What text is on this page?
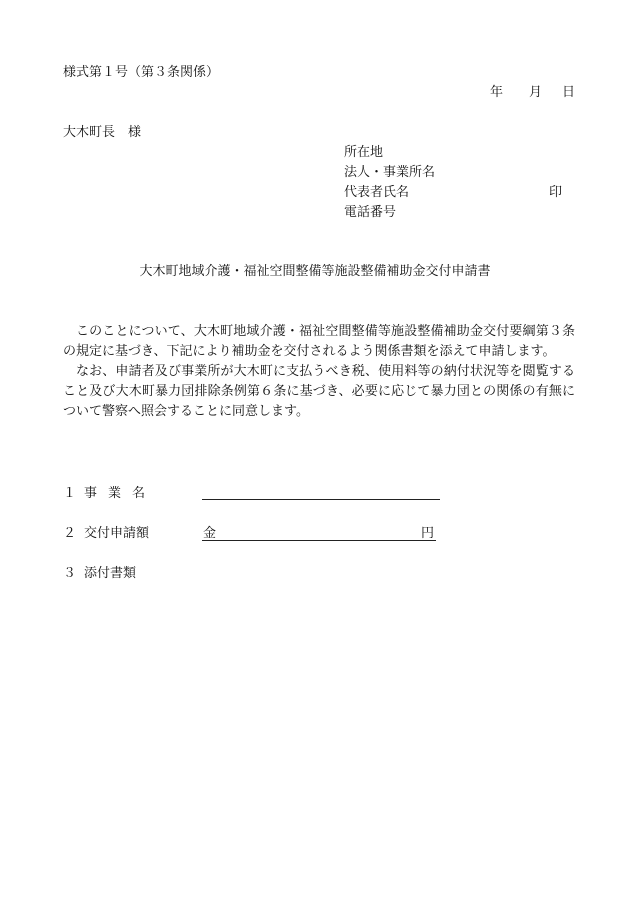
様式第１号（第３条関係）
年 月 日
大木町長　様
所在地
法人・事業所名
代表者氏名	印
電話番号
大木町地域介護・福祉空間整備等施設整備補助金交付申請書

このことについて、大木町地域介護・福祉空間整備等施設整備補助金交付要綱第３条の規定に基づき、下記により補助金を交付されるよう関係書類を添えて申請します。

なお、申請者及び事業所が大木町に支払うべき税、使用料等の納付状況等を閲覧すること及び大木町暴力団排除条例第６条に基づき、必要に応じて暴力団との関係の有無について警察へ照会することに同意します。

１ 事業名
２ 交付申請額	金	円
３ 添付書類
